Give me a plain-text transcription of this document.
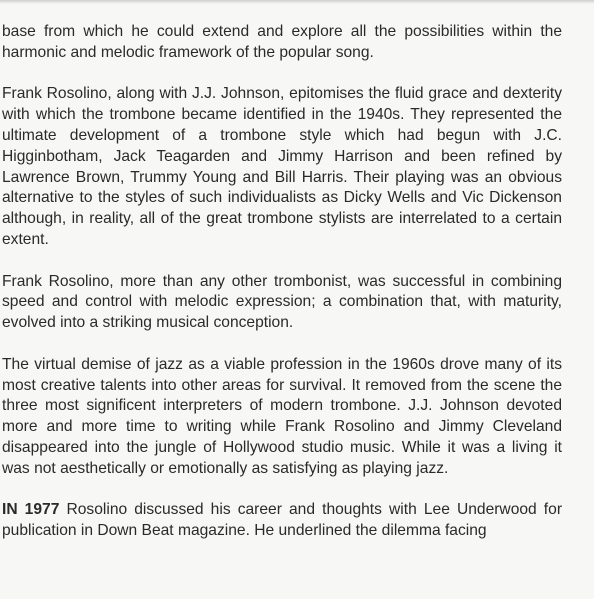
base from which he could extend and explore all the possibilities within the harmonic and melodic framework of the popular song.

Frank Rosolino, along with J.J. Johnson, epitomises the fluid grace and dexterity with which the trombone became identified in the 1940s. They represented the ultimate development of a trombone style which had begun with J.C. Higginbotham, Jack Teagarden and Jimmy Harrison and been refined by Lawrence Brown, Trummy Young and Bill Harris. Their playing was an obvious alternative to the styles of such individualists as Dicky Wells and Vic Dickenson although, in reality, all of the great trombone stylists are interrelated to a certain extent.

Frank Rosolino, more than any other trombonist, was successful in combining speed and control with melodic expression; a combination that, with maturity, evolved into a striking musical conception.

The virtual demise of jazz as a viable profession in the 1960s drove many of its most creative talents into other areas for survival. It removed from the scene the three most significent interpreters of modern trombone. J.J. Johnson devoted more and more time to writing while Frank Rosolino and Jimmy Cleveland disappeared into the jungle of Hollywood studio music. While it was a living it was not aesthetically or emotionally as satisfying as playing jazz.

IN 1977 Rosolino discussed his career and thoughts with Lee Underwood for publication in Down Beat magazine. He underlined the dilemma facing
